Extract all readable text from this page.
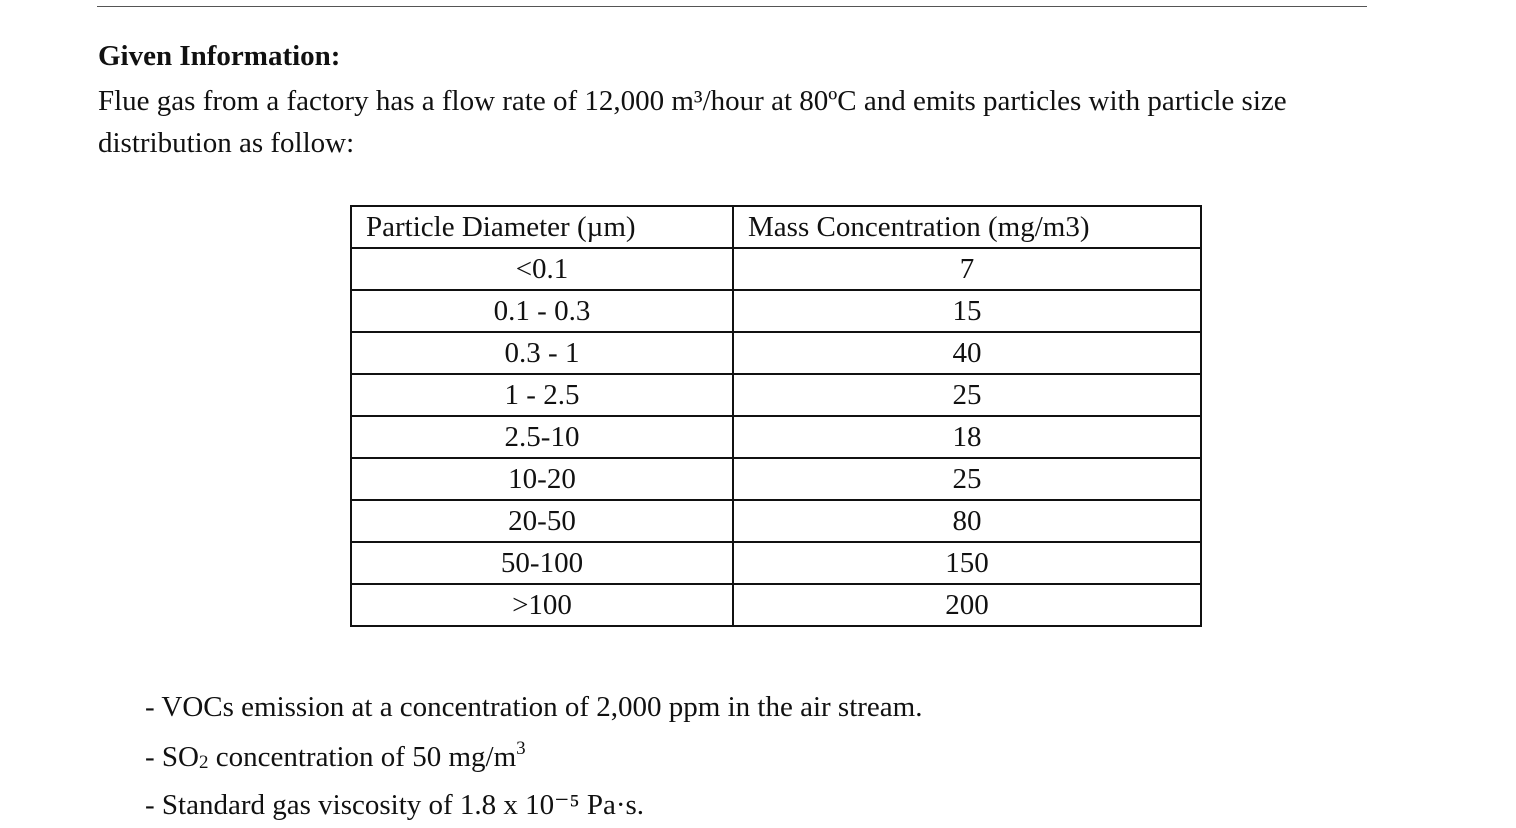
Given Information:

Flue gas from a factory has a flow rate of 12,000 m³/hour at 80ºC and emits particles with particle size distribution as follow:

Particle Diameter (µm)	Mass Concentration (mg/m3)
<0.1	7
0.1 - 0.3	15
0.3 - 1	40
1 - 2.5	25
2.5-10	18
10-20	25
20-50	80
50-100	150
>100	200
- VOCs emission at a concentration of 2,000 ppm in the air stream.
- SO2 concentration of 50 $mg/m^3$
- Standard gas viscosity of 1.8 x 10⁻⁵ Pa·s.
